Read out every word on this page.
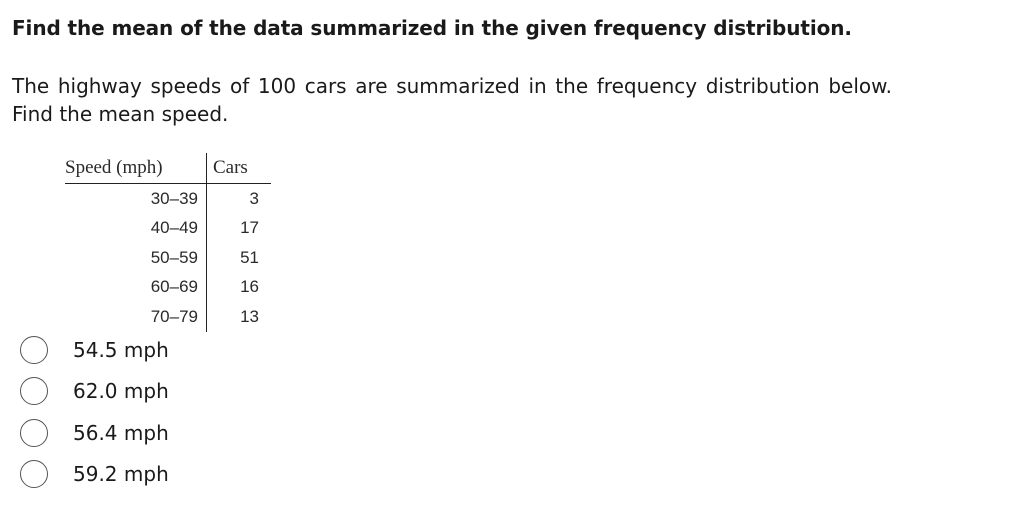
Find the mean of the data summarized in the given frequency distribution.
The highway speeds of 100 cars are summarized in the frequency distribution below. Find the mean speed.
Speed (mph)	Cars
30–39	3
40–49	17
50–59	51
60–69	16
70–79	13
54.5 mph
62.0 mph
56.4 mph
59.2 mph
